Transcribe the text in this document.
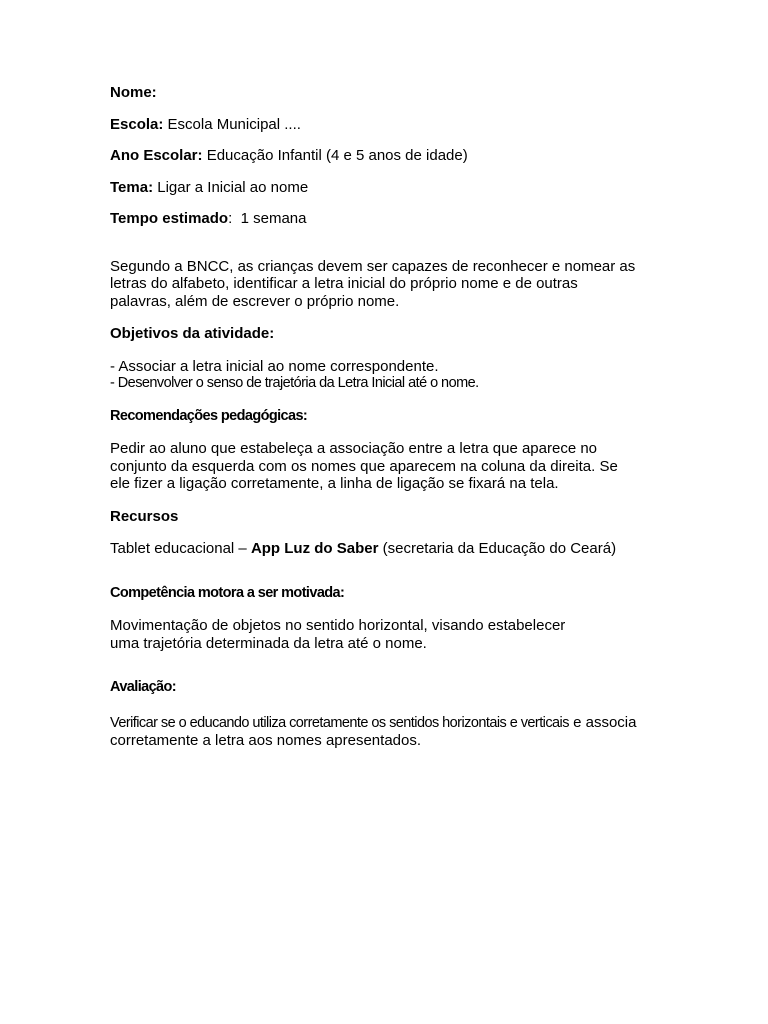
Nome:

Escola: Escola Municipal ....

Ano Escolar: Educação Infantil (4 e 5 anos de idade)

Tema: Ligar a Inicial ao nome

Tempo estimado: 1 semana

Segundo a BNCC, as crianças devem ser capazes de reconhecer e nomear as
letras do alfabeto, identificar a letra inicial do próprio nome e de outras
palavras, além de escrever o próprio nome.

Objetivos da atividade:

- Associar a letra inicial ao nome correspondente.
- Desenvolver o senso de trajetória da Letra Inicial até o nome.

Recomendações pedagógicas:

Pedir ao aluno que estabeleça a associação entre a letra que aparece no
conjunto da esquerda com os nomes que aparecem na coluna da direita. Se
ele fizer a ligação corretamente, a linha de ligação se fixará na tela.

Recursos

Tablet educacional – App Luz do Saber (secretaria da Educação do Ceará)

Competência motora a ser motivada:

Movimentação de objetos no sentido horizontal, visando estabelecer
uma trajetória determinada da letra até o nome.

Avaliação:

Verificar se o educando utiliza corretamente os sentidos horizontais e verticais e associa
corretamente a letra aos nomes apresentados.
